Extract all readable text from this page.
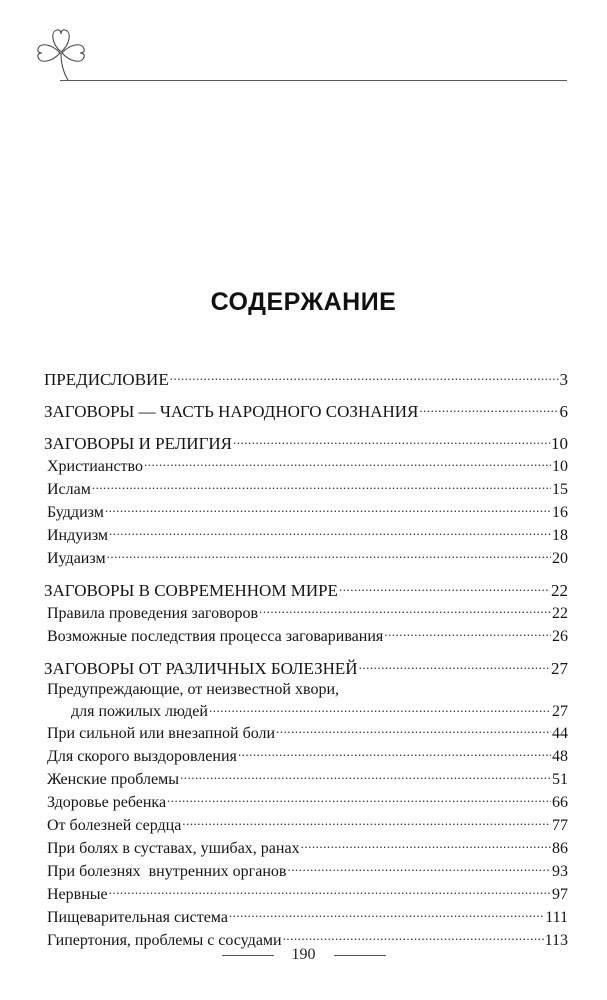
СОДЕРЖАНИЕ
ПРЕДИСЛОВИЕ .....	3
ЗАГОВОРЫ — ЧАСТЬ НАРОДНОГО СОЗНАНИЯ .....	6
ЗАГОВОРЫ И РЕЛИГИЯ .....	10
Христианство .....	10
Ислам .....	15
Буддизм .....	16
Индуизм .....	18
Иудаизм .....	20
ЗАГОВОРЫ В СОВРЕМЕННОМ МИРЕ .....	22
Правила проведения заговоров .....	22
Возможные последствия процесса заговаривания .....	26
ЗАГОВОРЫ ОТ РАЗЛИЧНЫХ БОЛЕЗНЕЙ .....	27
Предупреждающие, от неизвестной хвори,
для пожилых людей .....	27
При сильной или внезапной боли .....	44
Для скорого выздоровления .....	48
Женские проблемы .....	51
Здоровье ребенка .....	66
От болезней сердца .....	77
При болях в суставах, ушибах, ранах .....	86
При болезнях  внутренних органов .....	93
Нервные .....	97
Пищеварительная система .....	111
Гипертония, проблемы с сосудами .....	113
190
